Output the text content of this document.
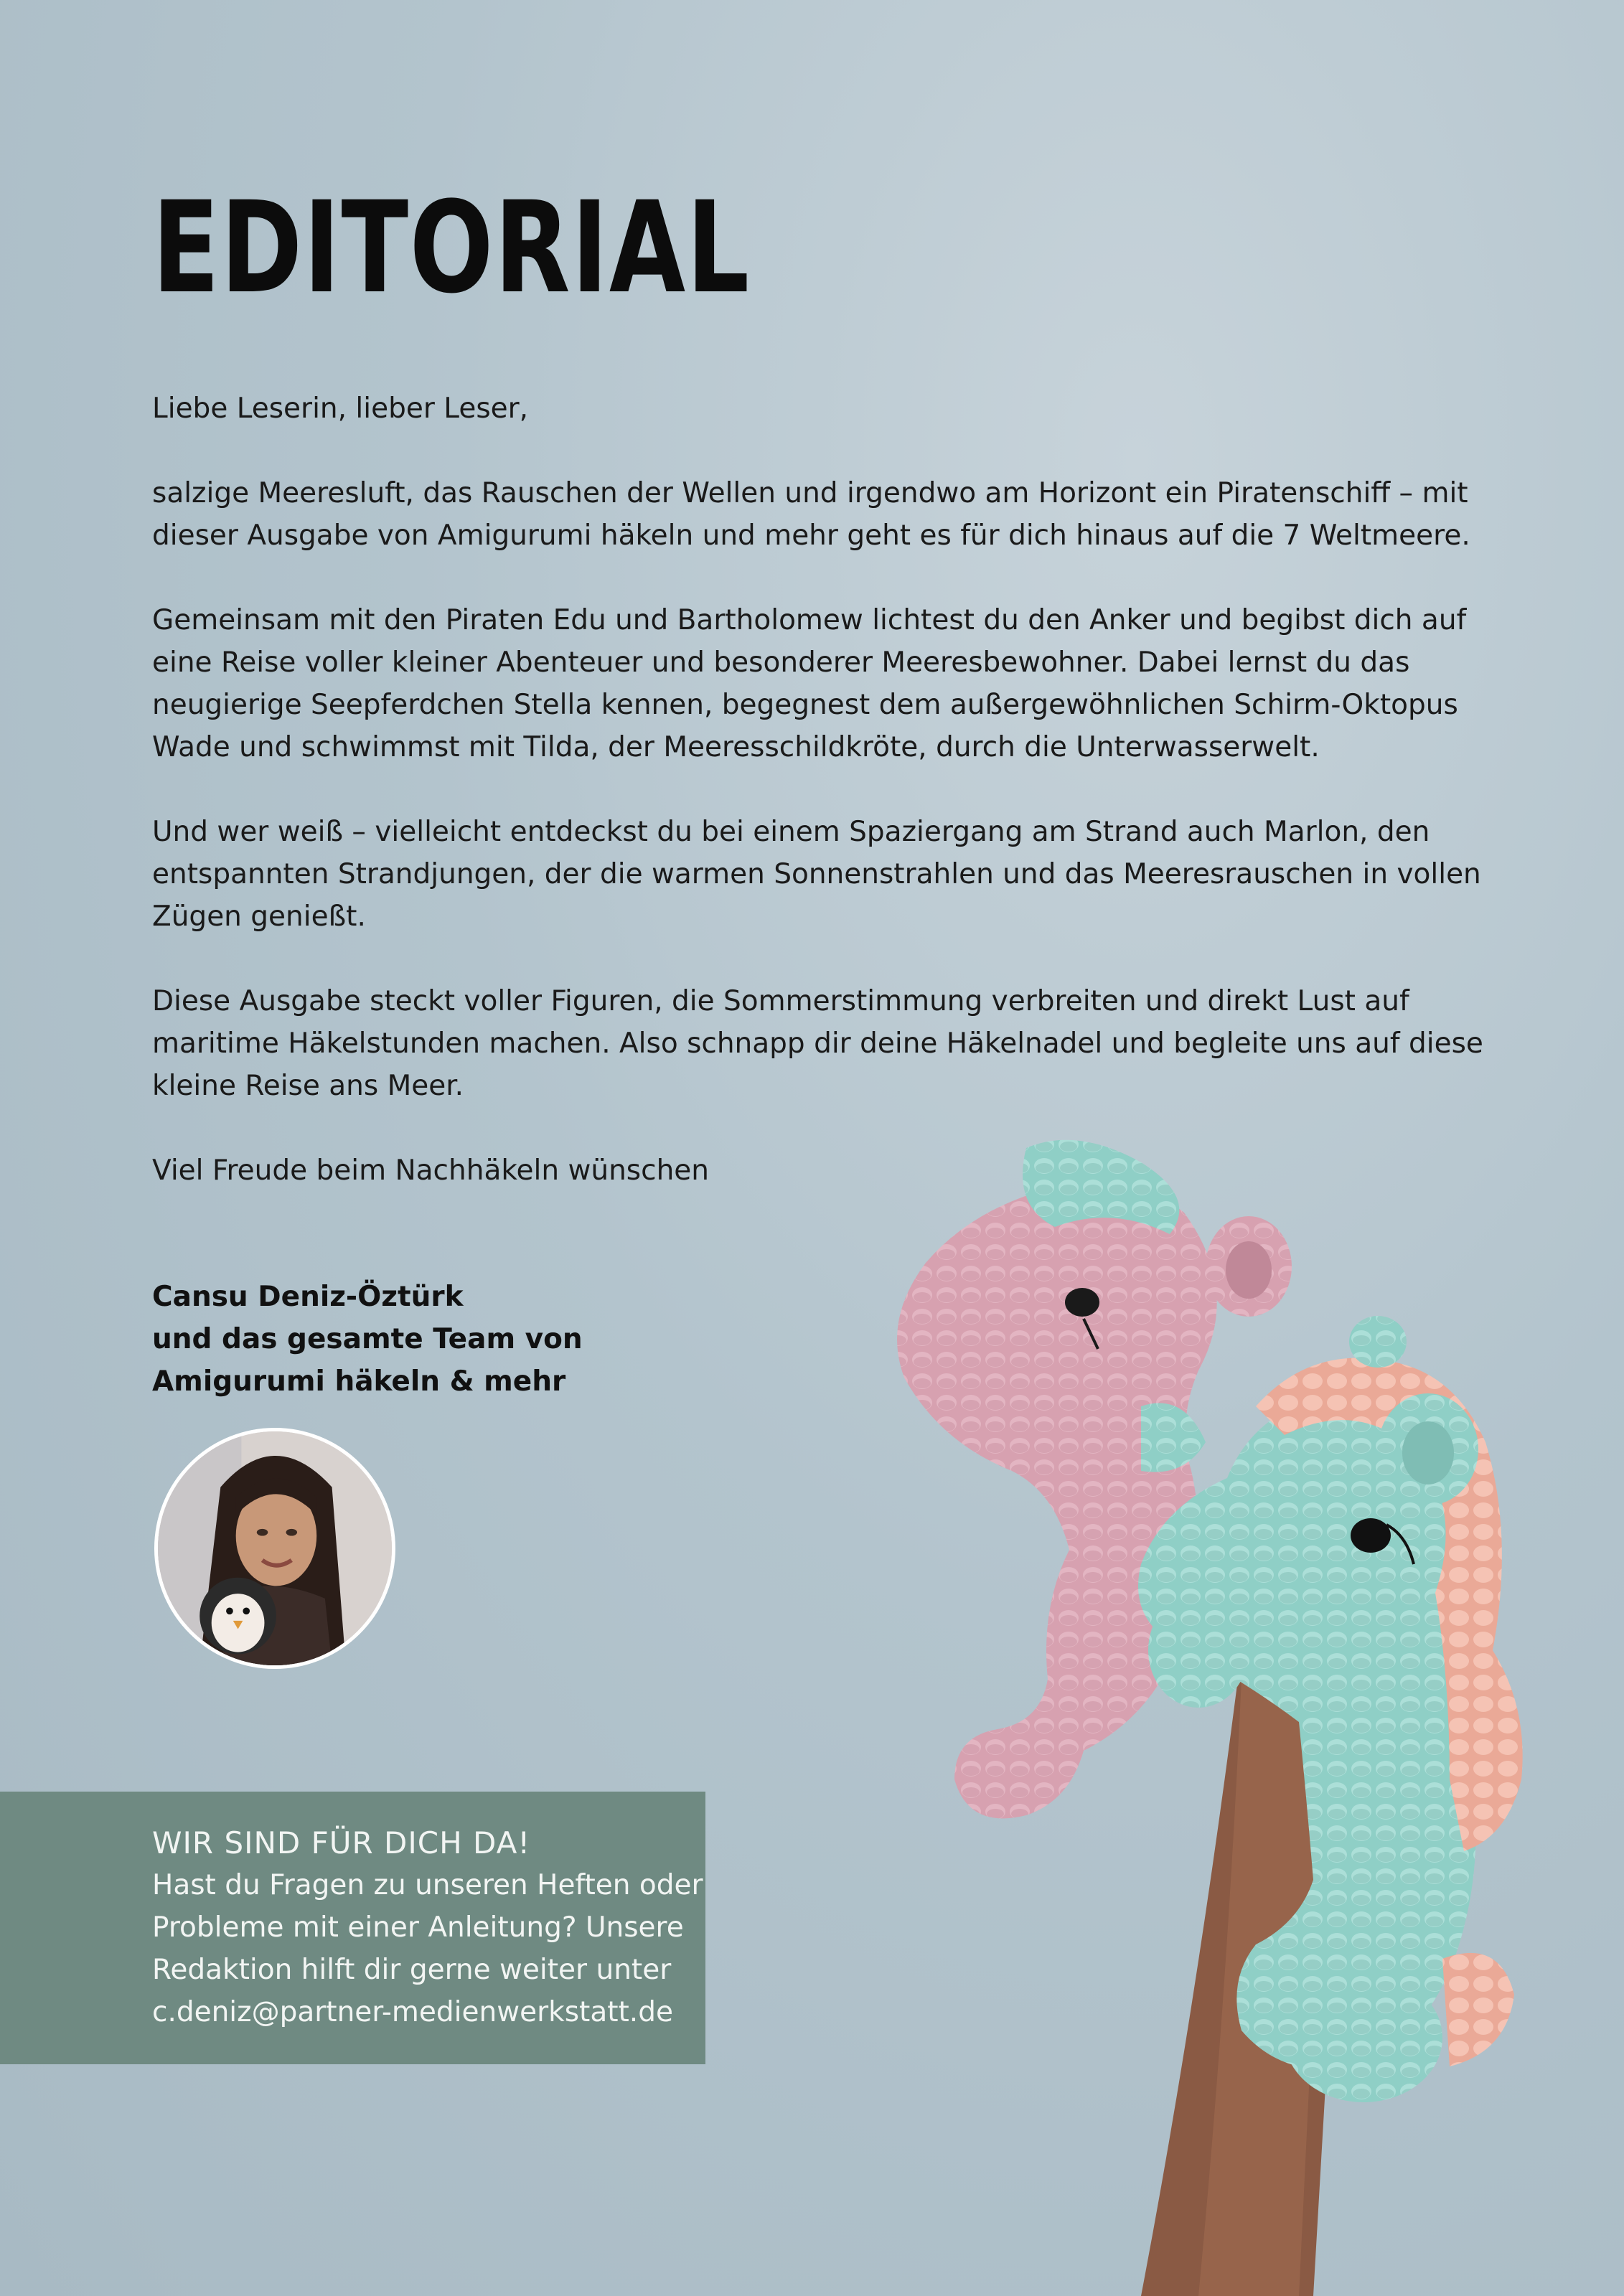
EDITORIAL

Liebe Leserin, lieber Leser,

salzige Meeresluft, das Rauschen der Wellen und irgendwo am Horizont ein Piratenschiff – mit dieser Ausgabe von Amigurumi häkeln und mehr geht es für dich hinaus auf die 7 Weltmeere.

Gemeinsam mit den Piraten Edu und Bartholomew lichtest du den Anker und begibst dich auf eine Reise voller kleiner Abenteuer und besonderer Meeresbewohner. Dabei lernst du das neugierige Seepferdchen Stella kennen, begegnest dem außergewöhnlichen Schirm-Oktopus Wade und schwimmst mit Tilda, der Meeresschildkröte, durch die Unterwasserwelt.

Und wer weiß – vielleicht entdeckst du bei einem Spaziergang am Strand auch Marlon, den entspannten Strandjungen, der die warmen Sonnenstrahlen und das Meeresrauschen in vollen Zügen genießt.

Diese Ausgabe steckt voller Figuren, die Sommerstimmung verbreiten und direkt Lust auf maritime Häkelstunden machen. Also schnapp dir deine Häkelnadel und begleite uns auf diese kleine Reise ans Meer.

Viel Freude beim Nachhäkeln wünschen

Cansu Deniz-Öztürk
und das gesamte Team von
Amigurumi häkeln & mehr
WIR SIND FÜR DICH DA!
Hast du Fragen zu unseren Heften oder
Probleme mit einer Anleitung? Unsere
Redaktion hilft dir gerne weiter unter
c.deniz@partner-medienwerkstatt.de
